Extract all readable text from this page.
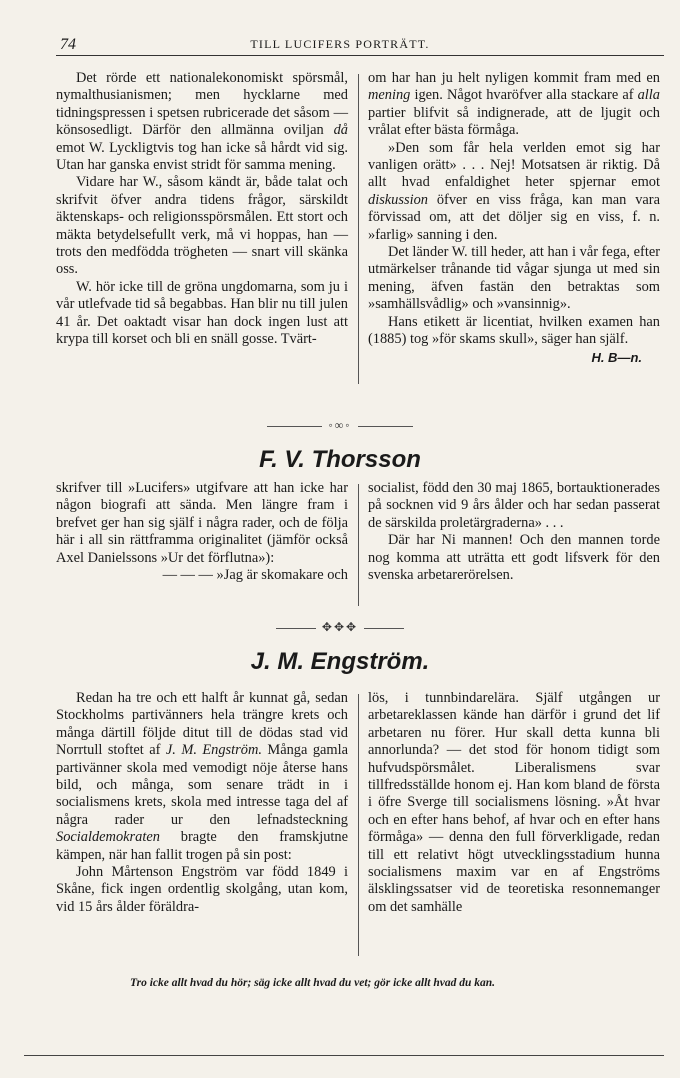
74	TILL LUCIFERS PORTRÄTT.

Det rörde ett nationalekonomiskt spörsmål, nymalthusianismen; men hycklarne med tidningspressen i spetsen rubricerade det såsom — könsosedligt. Därför den allmänna oviljan då emot W. Lyckligtvis tog han icke så hårdt vid sig. Utan har ganska envist stridt för samma mening.

Vidare har W., såsom kändt är, både talat och skrifvit öfver andra tidens frågor, särskildt äktenskaps- och religionsspörsmålen. Ett stort och mäkta betydelsefullt verk, må vi hoppas, han — trots den medfödda trögheten — snart vill skänka oss.

W. hör icke till de gröna ungdomarna, som ju i vår utlefvade tid så begabbas. Han blir nu till julen 41 år. Det oaktadt visar han dock ingen lust att krypa till korset och bli en snäll gosse. Tvärt-

om har han ju helt nyligen kommit fram med en mening igen. Något hvaröfver alla stackare af alla partier blifvit så indignerade, att de ljugit och vrålat efter bästa förmåga.

»Den som får hela verlden emot sig har vanligen orätt» . . . Nej! Motsatsen är riktig. Då allt hvad enfaldighet heter spjernar emot diskussion öfver en viss fråga, kan man vara förvissad om, att det döljer sig en viss, f. n. »farlig» sanning i den.

Det länder W. till heder, att han i vår fega, efter utmärkelser trånande tid vågar sjunga ut med sin mening, äfven fastän den betraktas som »samhällsvådlig» och »vansinnig».

Hans etikett är licentiat, hvilken examen han (1885) tog »för skams skull», säger han själf.
H. B—n.

◦∞◦
F. V. Thorsson

skrifver till »Lucifers» utgifvare att han icke har någon biografi att sända. Men längre fram i brefvet ger han sig själf i några rader, och de följa här i all sin rättframma originalitet (jämför också Axel Danielssons »Ur det förflutna»):

— — — »Jag är skomakare och

socialist, född den 30 maj 1865, bortauktionerades på socknen vid 9 års ålder och har sedan passerat de särskilda proletärgraderna» . . .

Där har Ni mannen! Och den mannen torde nog komma att uträtta ett godt lifsverk för den svenska arbetarerörelsen.

✥✥✥
J. M. Engström.

Redan ha tre och ett halft år kunnat gå, sedan Stockholms partivänners hela trängre krets och många därtill följde ditut till de dödas stad vid Norrtull stoftet af J. M. Engström. Många gamla partivänner skola med vemodigt nöje återse hans bild, och många, som senare trädt in i socialismens krets, skola med intresse taga del af några rader ur den lefnadsteckning Socialdemokraten bragte den framskjutne kämpen, när han fallit trogen på sin post:

John Mårtenson Engström var född 1849 i Skåne, fick ingen ordentlig skolgång, utan kom, vid 15 års ålder föräldra-

lös, i tunnbindarelära. Själf utgången ur arbetareklassen kände han därför i grund det lif arbetaren nu förer. Hur skall detta kunna bli annorlunda? — det stod för honom tidigt som hufvudspörsmålet. Liberalismens svar tillfredsställde honom ej. Han kom bland de första i öfre Sverge till socialismens lösning. »Åt hvar och en efter hans behof, af hvar och en efter hans förmåga» — denna den full förverkligade, redan till ett relativt högt utvecklingsstadium hunna socialismens maxim var en af Engströms älsklingssatser vid de teoretiska resonnemanger om det samhälle

Tro icke allt hvad du hör; säg icke allt hvad du vet; gör icke allt hvad du kan.
